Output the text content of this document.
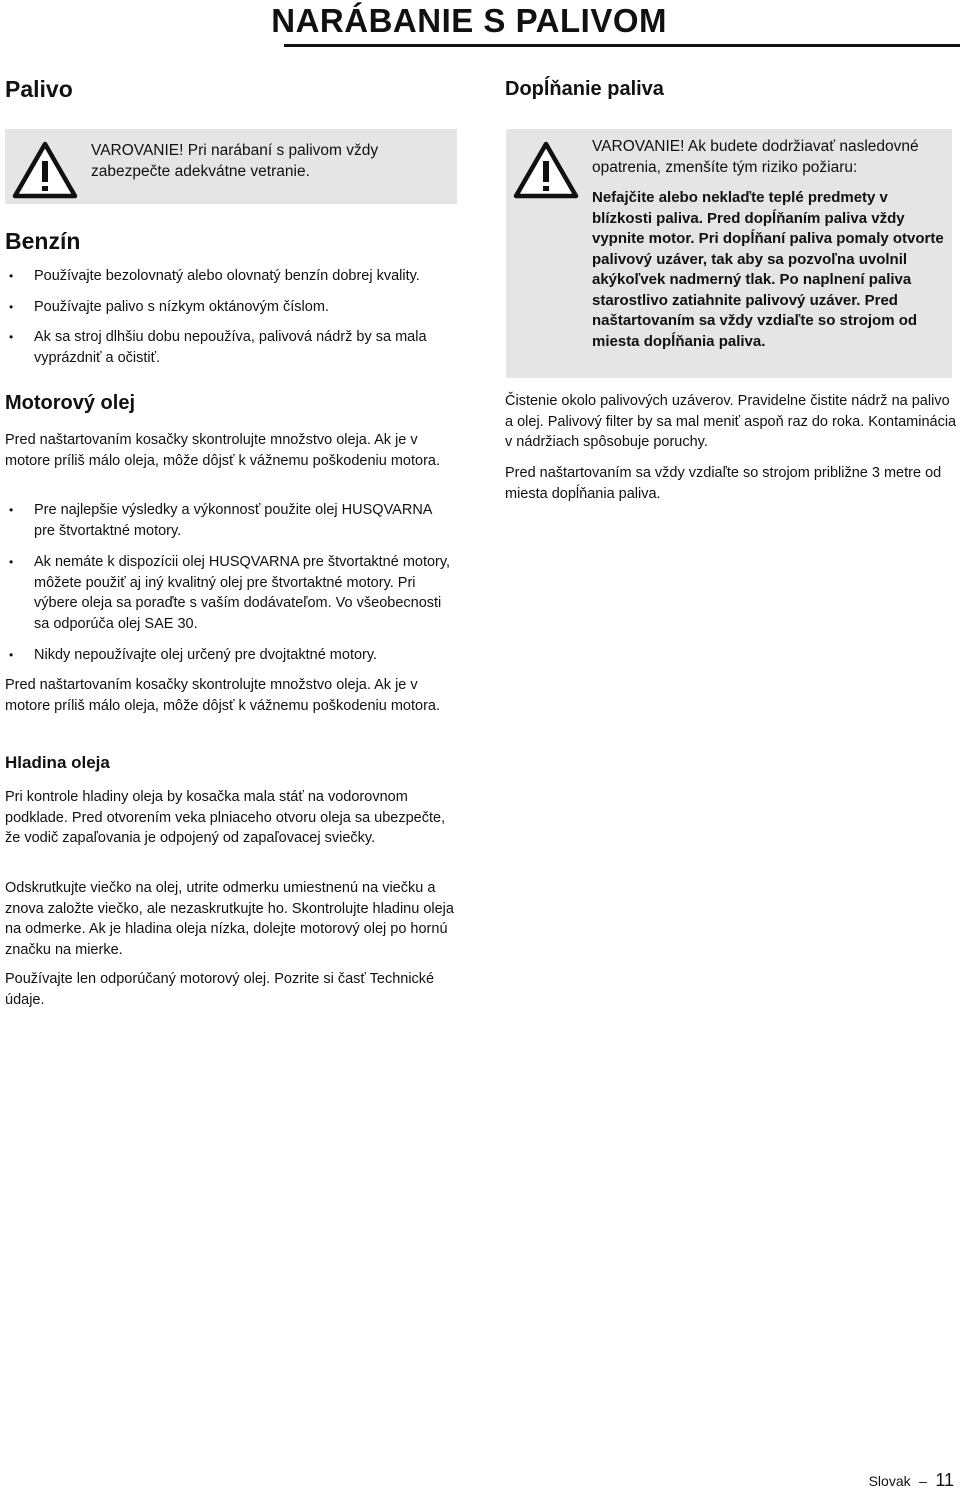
NARÁBANIE S PALIVOM
Palivo
VAROVANIE! Pri narábaní s palivom vždy zabezpečte adekvátne vetranie.
Benzín
• Používajte bezolovnatý alebo olovnatý benzín dobrej kvality.
• Používajte palivo s nízkym oktánovým číslom.
• Ak sa stroj dlhšiu dobu nepoužíva, palivová nádrž by sa mala vyprázdniť a očistiť.
Motorový olej
Pred naštartovaním kosačky skontrolujte množstvo oleja. Ak je v motore príliš málo oleja, môže dôjsť k vážnemu poškodeniu motora.
• Pre najlepšie výsledky a výkonnosť použite olej HUSQVARNA pre štvortaktné motory.
• Ak nemáte k dispozícii olej HUSQVARNA pre štvortaktné motory, môžete použiť aj iný kvalitný olej pre štvortaktné motory. Pri výbere oleja sa poraďte s vaším dodávateľom. Vo všeobecnosti sa odporúča olej SAE 30.
• Nikdy nepoužívajte olej určený pre dvojtaktné motory.
Pred naštartovaním kosačky skontrolujte množstvo oleja. Ak je v motore príliš málo oleja, môže dôjsť k vážnemu poškodeniu motora.
Hladina oleja
Pri kontrole hladiny oleja by kosačka mala stáť na vodorovnom podklade. Pred otvorením veka plniaceho otvoru oleja sa ubezpečte, že vodič zapaľovania je odpojený od zapaľovacej sviečky.
Odskrutkujte viečko na olej, utrite odmerku umiestnenú na viečku a znova založte viečko, ale nezaskrutkujte ho. Skontrolujte hladinu oleja na odmerke. Ak je hladina oleja nízka, dolejte motorový olej po hornú značku na mierke.
Používajte len odporúčaný motorový olej. Pozrite si časť Technické údaje.
Dopĺňanie paliva

VAROVANIE! Ak budete dodržiavať nasledovné opatrenia, zmenšíte tým riziko požiaru:

Nefajčite alebo neklaďte teplé predmety v blízkosti paliva. Pred dopĺňaním paliva vždy vypnite motor. Pri dopĺňaní paliva pomaly otvorte palivový uzáver, tak aby sa pozvoľna uvolnil akýkoľvek nadmerný tlak. Po naplnení paliva starostlivo zatiahnite palivový uzáver. Pred naštartovaním sa vždy vzdiaľte so strojom od miesta dopĺňania paliva.

Čistenie okolo palivových uzáverov. Pravidelne čistite nádrž na palivo a olej. Palivový filter by sa mal meniť aspoň raz do roka. Kontaminácia v nádržiach spôsobuje poruchy.
Pred naštartovaním sa vždy vzdiaľte so strojom približne 3 metre od miesta dopĺňania paliva.
Slovak – 11
